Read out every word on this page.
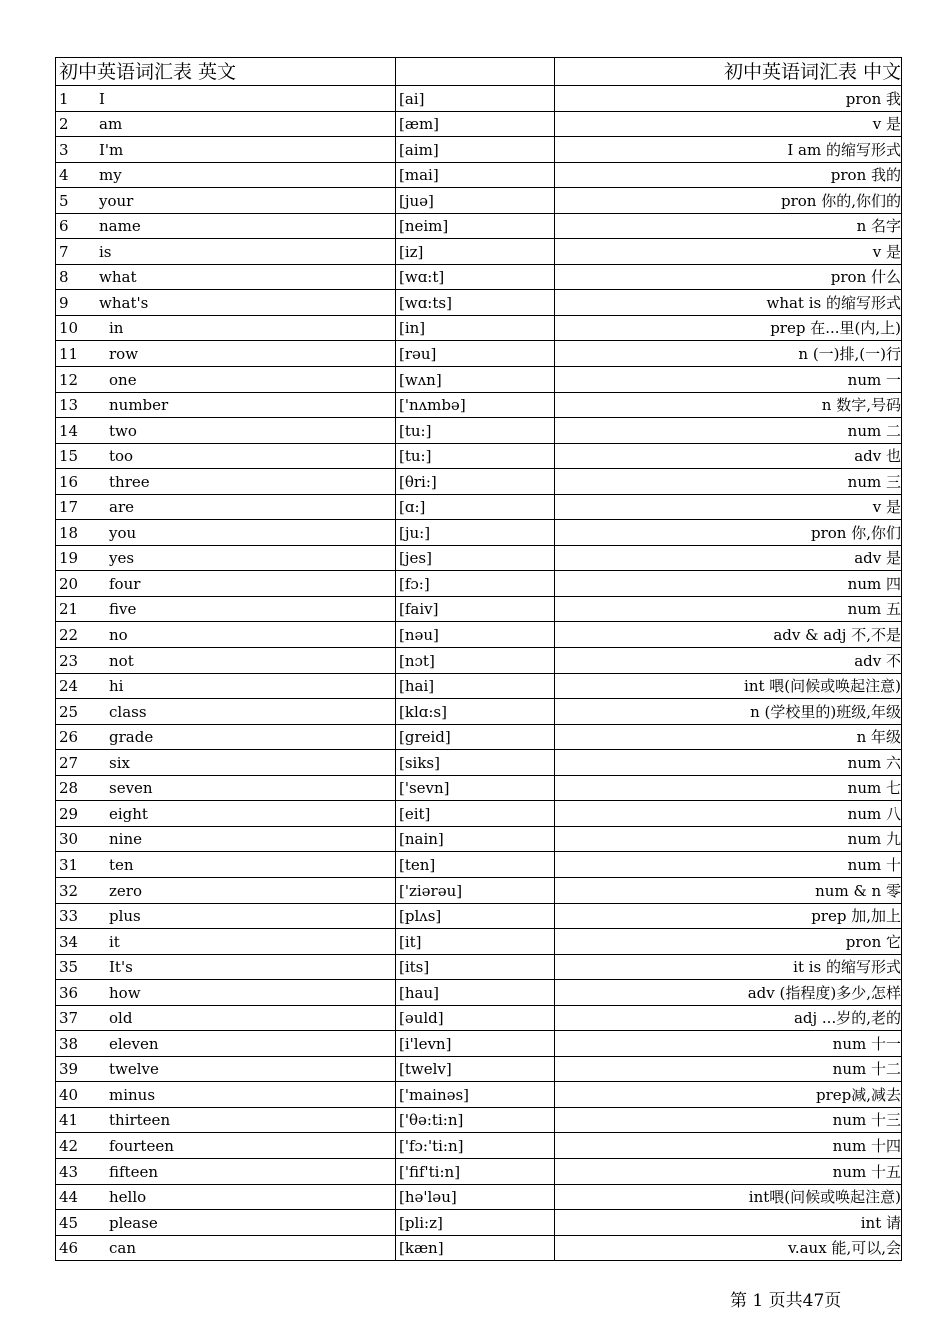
初中英语词汇表 英文		初中英语词汇表 中文
1 I	[ai]	pron 我
2 am	[æm]	v 是
3 I'm	[aim]	I am 的缩写形式
4 my	[mai]	pron 我的
5 your	[juə]	pron 你的,你们的
6 name	[neim]	n 名字
7 is	[iz]	v 是
8 what	[wɑ:t]	pron 什么
9 what's	[wɑ:ts]	what is 的缩写形式
10 in	[in]	prep 在...里(内,上)
11 row	[rəu]	n (一)排,(一)行
12 one	[wʌn]	num 一
13 number	['nʌmbə]	n 数字,号码
14 two	[tu:]	num 二
15 too	[tu:]	adv 也
16 three	[θri:]	num 三
17 are	[ɑ:]	v 是
18 you	[ju:]	pron 你,你们
19 yes	[jes]	adv 是
20 four	[fɔ:]	num 四
21 five	[faiv]	num 五
22 no	[nəu]	adv & adj 不,不是
23 not	[nɔt]	adv 不
24 hi	[hai]	int 喂(问候或唤起注意)
25 class	[klɑ:s]	n (学校里的)班级,年级
26 grade	[greid]	n 年级
27 six	[siks]	num 六
28 seven	['sevn]	num 七
29 eight	[eit]	num 八
30 nine	[nain]	num 九
31 ten	[ten]	num 十
32 zero	['ziərəu]	num & n 零
33 plus	[plʌs]	prep 加,加上
34 it	[it]	pron 它
35 It's	[its]	it is 的缩写形式
36 how	[hau]	adv (指程度)多少,怎样
37 old	[əuld]	adj ...岁的,老的
38 eleven	[i'levn]	num 十一
39 twelve	[twelv]	num 十二
40 minus	['mainəs]	prep减,减去
41 thirteen	['θə:ti:n]	num 十三
42 fourteen	['fɔ:'ti:n]	num 十四
43 fifteen	['fif'ti:n]	num 十五
44 hello	[hə'ləu]	int喂(问候或唤起注意)
45 please	[pli:z]	int 请
46 can	[kæn]	v.aux 能,可以,会
第 1 页共47页
